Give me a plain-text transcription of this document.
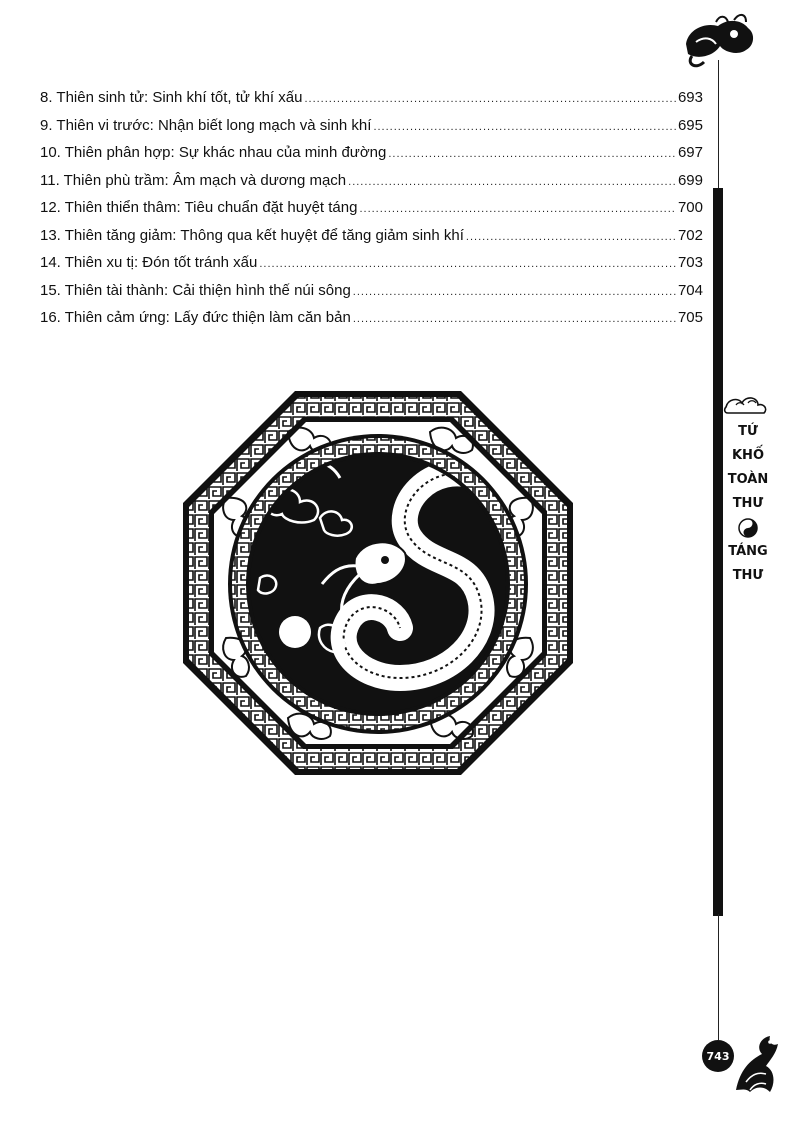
8. Thiên sinh tử: Sinh khí tốt, tử khí xấu .....	693
9. Thiên vi trước: Nhận biết long mạch và sinh khí .....	695
10. Thiên phân hợp: Sự khác nhau của minh đường .....	697
11. Thiên phù trầm: Âm mạch và dương mạch .....	699
12. Thiên thiển thâm: Tiêu chuẩn đặt huyệt táng .....	700
13. Thiên tăng giảm: Thông qua kết huyệt để tăng giảm sinh khí .....	702
14. Thiên xu tị: Đón tốt tránh xấu .....	703
15. Thiên tài thành: Cải thiện hình thế núi sông .....	704
16. Thiên cảm ứng: Lấy đức thiện làm căn bản .....	705
TỨ
KHỐ
TOÀN
THƯ
TÁNG
THƯ
743
